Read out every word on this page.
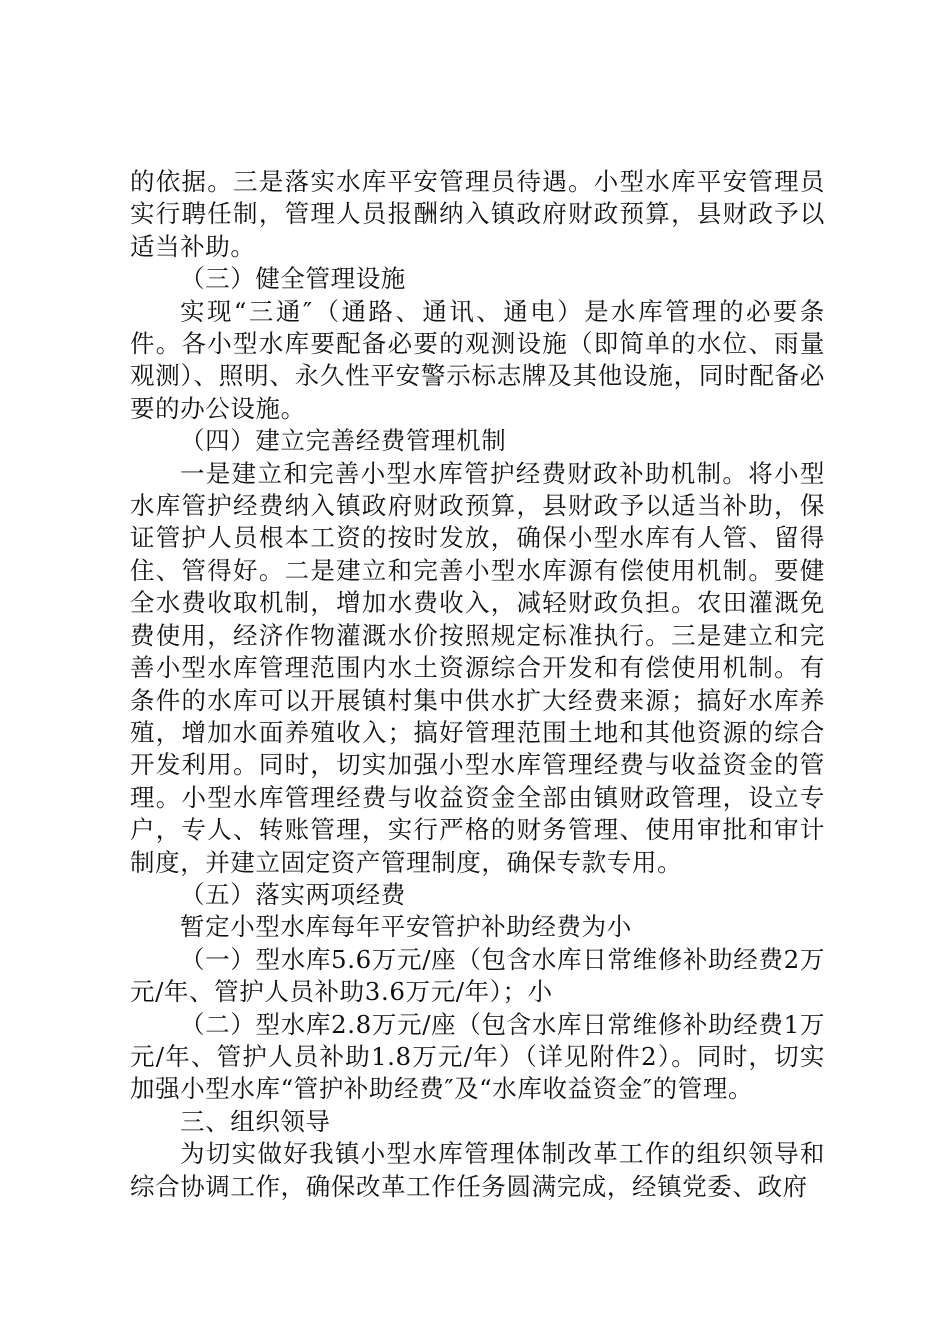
的依据。三是落实水库平安管理员待遇。小型水库平安管理员实行聘任制，管理人员报酬纳入镇政府财政预算，县财政予以适当补助。

（三）健全管理设施

实现“三通″（通路、通讯、通电）是水库管理的必要条件。各小型水库要配备必要的观测设施（即简单的水位、雨量观测）、照明、永久性平安警示标志牌及其他设施，同时配备必要的办公设施。

（四）建立完善经费管理机制

一是建立和完善小型水库管护经费财政补助机制。将小型水库管护经费纳入镇政府财政预算，县财政予以适当补助，保证管护人员根本工资的按时发放，确保小型水库有人管、留得住、管得好。二是建立和完善小型水库源有偿使用机制。要健全水费收取机制，增加水费收入，减轻财政负担。农田灌溉免费使用，经济作物灌溉水价按照规定标准执行。三是建立和完善小型水库管理范围内水土资源综合开发和有偿使用机制。有条件的水库可以开展镇村集中供水扩大经费来源；搞好水库养殖，增加水面养殖收入；搞好管理范围土地和其他资源的综合开发利用。同时，切实加强小型水库管理经费与收益资金的管理。小型水库管理经费与收益资金全部由镇财政管理，设立专户，专人、转账管理，实行严格的财务管理、使用审批和审计制度，并建立固定资产管理制度，确保专款专用。

（五）落实两项经费

暂定小型水库每年平安管护补助经费为小

（一）型水库5.6万元/座（包含水库日常维修补助经费2万元/年、管护人员补助3.6万元/年）；小

（二）型水库2.8万元/座（包含水库日常维修补助经费1万元/年、管护人员补助1.8万元/年）（详见附件2）。同时，切实加强小型水库“管护补助经费″及“水库收益资金″的管理。

三、组织领导

为切实做好我镇小型水库管理体制改革工作的组织领导和综合协调工作，确保改革工作任务圆满完成，经镇党委、政府
